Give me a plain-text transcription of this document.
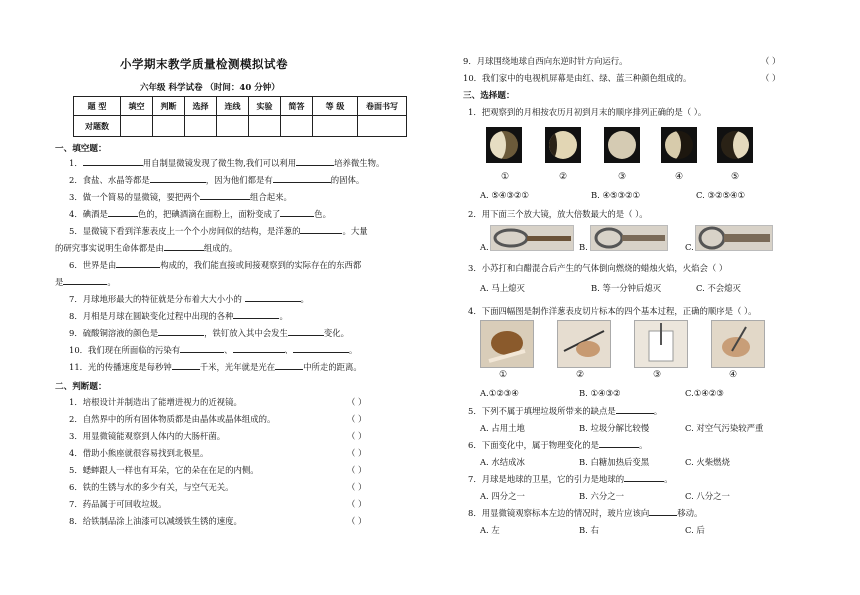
小学期末教学质量检测模拟试卷
六年级 科学试卷 （时间：40 分钟）
题 型	填空	判断	选择	连线	实验	简答	等 级	卷面书写
对题数								
一、填空题：
1．	用自制显微镜发现了微生物,我们可以利用	培养微生物。
2．食盐、水晶等都是	，因为他们都是有	的固体。
3．做一个简易的显微镜，要把两个	组合起来。
4．碘酒是	色的，把碘酒滴在面粉上，面粉变成了	色。
5．显微镜下看到洋葱表皮上一个个小房间似的结构，是洋葱的	。大量
的研究事实说明生命体都是由	组成的。
6．世界是由	构成的，我们能直接或间接观察到的实际存在的东西都
是	。
7．月球地形最大的特征就是分布着大大小小的	。
8．月相是月球在圆缺变化过程中出现的各种	。
9．硫酸铜溶液的颜色是	，铁钉放入其中会发生	变化。
10．我们现在所面临的污染有	、	、	。
11．光的传播速度是每秒钟	千米，光年就是光在	中所走的距离。
二、判断题：
1．培根设计并制造出了能增进视力的近视镜。	（ ）
2．自然界中的所有固体物质都是由晶体或晶体组成的。	（ ）
3．用显微镜能观察到人体内的大肠杆菌。	（ ）
4．借助小熊座就很容易找到北极星。	（ ）
5．蟋蟀跟人一样也有耳朵，它的朵在在足的内侧。	（ ）
6．铁的生锈与水的多少有关，与空气无关。	（ ）
7．药品属于可回收垃圾。	（ ）
8．给铁制品涂上油漆可以减缓铁生锈的速度。	（ ）
9．月球围绕地球自西向东逆时针方向运行。	（ ）
10．我们家中的电视机屏幕是由红、绿、蓝三种颜色组成的。	（ ）
三、选择题：
1．把观察到的月相按农历月初到月末的顺序排列正确的是（ ）。
①	②	③	④	⑤
A. ⑤④③②①	B. ④⑤③②①	C. ③②⑤④①
2．用下面三个放大镜，放大倍数最大的是（ ）。
A.	B.	C.
3．小苏打和白醋混合后产生的气体倒向燃烧的蜡烛火焰，火焰会（ ）
A. 马上熄灭	B. 等一分钟后熄灭	C. 不会熄灭
4．下面四幅图是制作洋葱表皮切片标本的四个基本过程，正确的顺序是（ ）。
①	②	③	④
A.①②③④	B. ①④③②	C.①④②③
5．下列不属于填埋垃圾所带来的缺点是	。
A. 占用土地	B. 垃圾分解比较慢	C. 对空气污染较严重
6．下面变化中，属于物理变化的是	。
A. 水结成冰	B. 白糖加热后变黑	C. 火柴燃烧
7．月球是地球的卫星，它的引力是地球的	。
A. 四分之一	B. 六分之一	C. 八分之一
8．用显微镜观察标本左边的情况时，玻片应该向	移动。
A. 左	B. 右	C. 后
